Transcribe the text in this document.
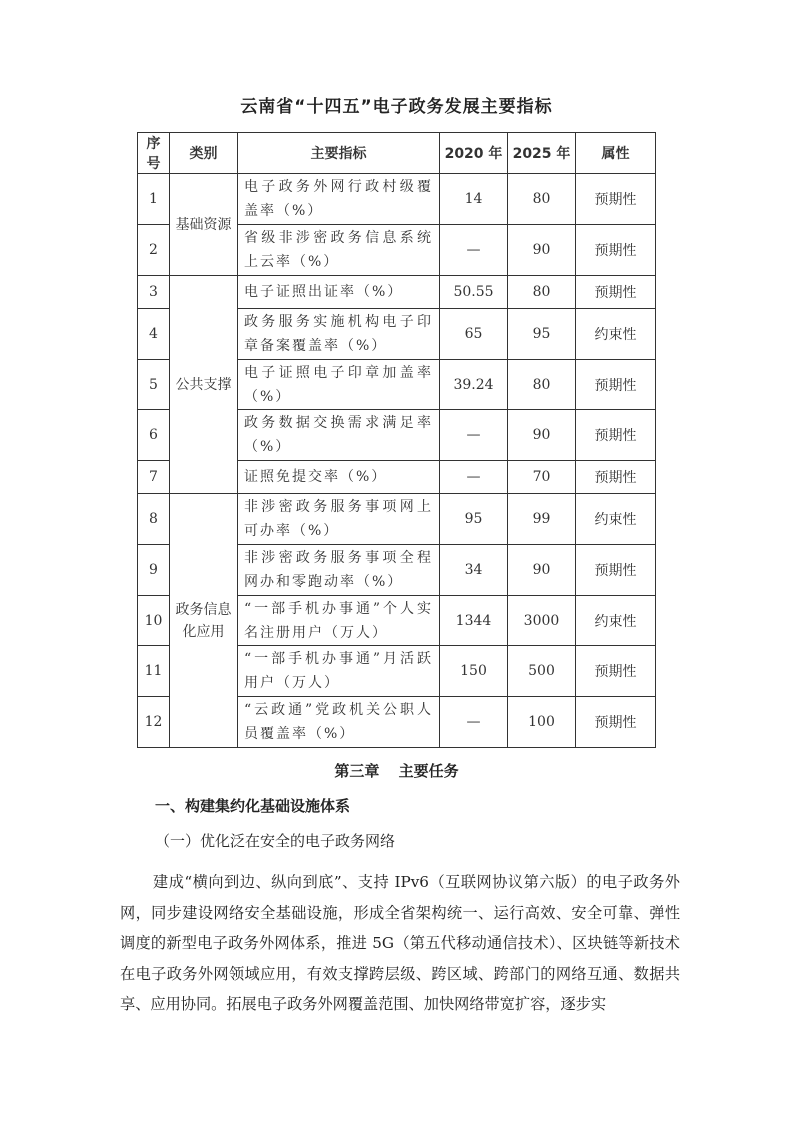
云南省“十四五”电子政务发展主要指标
序号	类别	主要指标	2020 年	2025 年	属性
1	基础资源	电子政务外网行政村级覆盖率（%）	14	80	预期性
2		省级非涉密政务信息系统上云率（%）	—	90	预期性
3	公共支撑	电子证照出证率（%）	50.55	80	预期性
4		政务服务实施机构电子印章备案覆盖率（%）	65	95	约束性
5		电子证照电子印章加盖率（%）	39.24	80	预期性
6		政务数据交换需求满足率（%）	—	90	预期性
7		证照免提交率（%）	—	70	预期性
8	政务信息化应用	非涉密政务服务事项网上可办率（%）	95	99	约束性
9		非涉密政务服务事项全程网办和零跑动率（%）	34	90	预期性
10		“一部手机办事通”个人实名注册用户（万人）	1344	3000	约束性
11		“一部手机办事通”月活跃用户（万人）	150	500	预期性
12		“云政通”党政机关公职人员覆盖率（%）	—	100	预期性
第三章 主要任务
一、构建集约化基础设施体系
（一）优化泛在安全的电子政务网络
建成“横向到边、纵向到底”、支持 IPv6（互联网协议第六版）的电子政务外网，同步建设网络安全基础设施，形成全省架构统一、运行高效、安全可靠、弹性调度的新型电子政务外网体系，推进 5G（第五代移动通信技术）、区块链等新技术在电子政务外网领域应用，有效支撑跨层级、跨区域、跨部门的网络互通、数据共享、应用协同。拓展电子政务外网覆盖范围、加快网络带宽扩容，逐步实
